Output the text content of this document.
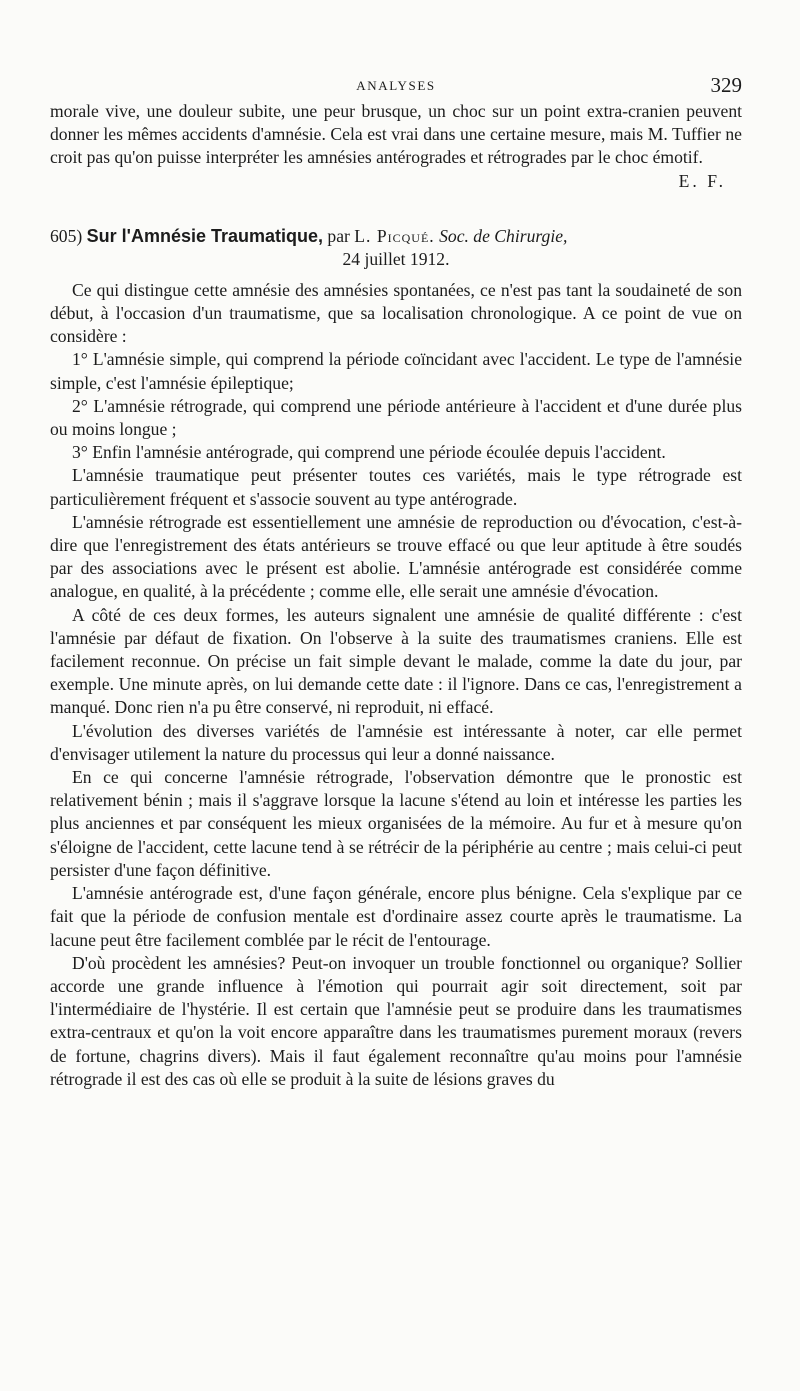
ANALYSES	329

morale vive, une douleur subite, une peur brusque, un choc sur un point extra-cranien peuvent donner les mêmes accidents d'amnésie. Cela est vrai dans une certaine mesure, mais M. Tuffier ne croit pas qu'on puisse interpréter les amnésies antérogrades et rétrogrades par le choc émotif.
E. F.

605) Sur l'Amnésie Traumatique, par L. Picqué. Soc. de Chirurgie,
24 juillet 1912.

Ce qui distingue cette amnésie des amnésies spontanées, ce n'est pas tant la soudaineté de son début, à l'occasion d'un traumatisme, que sa localisation chronologique. A ce point de vue on considère :

1° L'amnésie simple, qui comprend la période coïncidant avec l'accident. Le type de l'amnésie simple, c'est l'amnésie épileptique;

2° L'amnésie rétrograde, qui comprend une période antérieure à l'accident et d'une durée plus ou moins longue ;

3° Enfin l'amnésie antérograde, qui comprend une période écoulée depuis l'accident.

L'amnésie traumatique peut présenter toutes ces variétés, mais le type rétrograde est particulièrement fréquent et s'associe souvent au type antérograde.

L'amnésie rétrograde est essentiellement une amnésie de reproduction ou d'évocation, c'est-à-dire que l'enregistrement des états antérieurs se trouve effacé ou que leur aptitude à être soudés par des associations avec le présent est abolie. L'amnésie antérograde est considérée comme analogue, en qualité, à la précédente ; comme elle, elle serait une amnésie d'évocation.

A côté de ces deux formes, les auteurs signalent une amnésie de qualité différente : c'est l'amnésie par défaut de fixation. On l'observe à la suite des traumatismes craniens. Elle est facilement reconnue. On précise un fait simple devant le malade, comme la date du jour, par exemple. Une minute après, on lui demande cette date : il l'ignore. Dans ce cas, l'enregistrement a manqué. Donc rien n'a pu être conservé, ni reproduit, ni effacé.

L'évolution des diverses variétés de l'amnésie est intéressante à noter, car elle permet d'envisager utilement la nature du processus qui leur a donné naissance.

En ce qui concerne l'amnésie rétrograde, l'observation démontre que le pronostic est relativement bénin ; mais il s'aggrave lorsque la lacune s'étend au loin et intéresse les parties les plus anciennes et par conséquent les mieux organisées de la mémoire. Au fur et à mesure qu'on s'éloigne de l'accident, cette lacune tend à se rétrécir de la périphérie au centre ; mais celui-ci peut persister d'une façon définitive.

L'amnésie antérograde est, d'une façon générale, encore plus bénigne. Cela s'explique par ce fait que la période de confusion mentale est d'ordinaire assez courte après le traumatisme. La lacune peut être facilement comblée par le récit de l'entourage.

D'où procèdent les amnésies? Peut-on invoquer un trouble fonctionnel ou organique? Sollier accorde une grande influence à l'émotion qui pourrait agir soit directement, soit par l'intermédiaire de l'hystérie. Il est certain que l'amnésie peut se produire dans les traumatismes extra-centraux et qu'on la voit encore apparaître dans les traumatismes purement moraux (revers de fortune, chagrins divers). Mais il faut également reconnaître qu'au moins pour l'amnésie rétrograde il est des cas où elle se produit à la suite de lésions graves du
